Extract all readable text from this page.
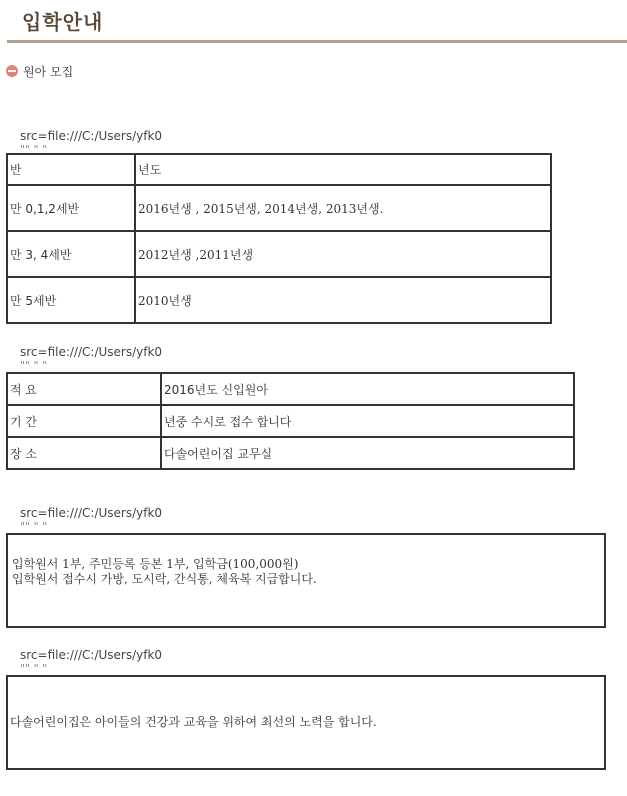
입학안내
원아 모집
src=file:///C:/Users/yfk0
"" " "
반	년도
만 0,1,2세반	2016년생 , 2015년생, 2014년생, 2013년생.
만 3, 4세반	2012년생 ,2011년생
만 5세반	2010년생
src=file:///C:/Users/yfk0
"" " "
적 요	2016년도 신입원아
기 간	년중 수시로 접수 합니다
장 소	다솔어린이집 교무실
src=file:///C:/Users/yfk0
"" " "

입학원서 1부, 주민등록 등본 1부, 입학금(100,000원)

입학원서 접수시 가방, 도시락, 간식통, 체육복 지급합니다.

src=file:///C:/Users/yfk0
"" " "

다솔어린이집은 아이들의 건강과 교육을 위하여 최선의 노력을 합니다.
